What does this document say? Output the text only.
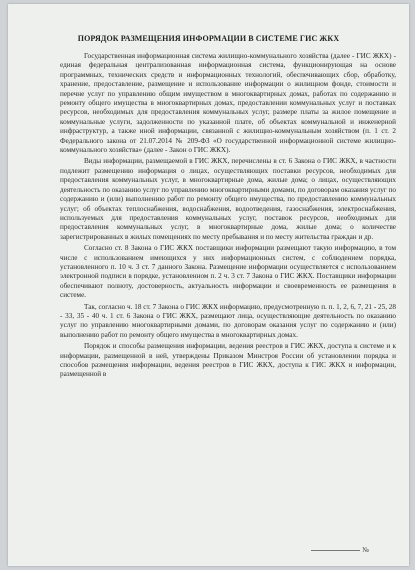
ПОРЯДОК РАЗМЕЩЕНИЯ ИНФОРМАЦИИ В СИСТЕМЕ ГИС ЖКХ

Государственная информационная система жилищно-коммунального хозяйства (далее - ГИС ЖКХ) - единая федеральная централизованная информационная система, функционирующая на основе программных, технических средств и информационных технологий, обеспечивающих сбор, обработку, хранение, предоставление, размещение и использование информации о жилищном фонде, стоимости и перечне услуг по управлению общим имуществом в многоквартирных домах, работах по содержанию и ремонту общего имущества в многоквартирных домах, предоставлении коммунальных услуг и поставках ресурсов, необходимых для предоставления коммунальных услуг, размере платы за жилое помещение и коммунальные услуги, задолженности по указанной плате, об объектах коммунальной и инженерной инфраструктур, а также иной информации, связанной с жилищно-коммунальным хозяйством (п. 1 ст. 2 Федерального закона от 21.07.2014 № 209-ФЗ «О государственной информационной системе жилищно-коммунального хозяйства» (далее - Закон о ГИС ЖКХ).

Виды информации, размещаемой в ГИС ЖКХ, перечислены в ст. 6 Закона о ГИС ЖКХ, в частности подлежит размещению информация о лицах, осуществляющих поставки ресурсов, необходимых для предоставления коммунальных услуг, в многоквартирные дома, жилые дома; о лицах, осуществляющих деятельность по оказанию услуг по управлению многоквартирными домами, по договорам оказания услуг по содержанию и (или) выполнению работ по ремонту общего имущества, по предоставлению коммунальных услуг; об объектах теплоснабжения, водоснабжения, водоотведения, газоснабжения, электроснабжения, используемых для предоставления коммунальных услуг, поставок ресурсов, необходимых для предоставления коммунальных услуг, в многоквартирные дома, жилые дома; о количестве зарегистрированных в жилых помещениях по месту пребывания и по месту жительства граждан и др.

Согласно ст. 8 Закона о ГИС ЖКХ поставщики информации размещают такую информацию, в том числе с использованием имеющихся у них информационных систем, с соблюдением порядка, установленного п. 10 ч. 3 ст. 7 данного Закона. Размещение информации осуществляется с использованием электронной подписи в порядке, установленном п. 2 ч. 3 ст. 7 Закона о ГИС ЖКХ. Поставщики информации обеспечивают полноту, достоверность, актуальность информации и своевременность ее размещения в системе.

Так, согласно ч. 18 ст. 7 Закона о ГИС ЖКХ информацию, предусмотренную п. п. 1, 2, 6, 7, 21 - 25, 28 - 33, 35 - 40 ч. 1 ст. 6 Закона о ГИС ЖКХ, размещают лица, осуществляющие деятельность по оказанию услуг по управлению многоквартирными домами, по договорам оказания услуг по содержанию и (или) выполнению работ по ремонту общего имущества в многоквартирных домах.

Порядок и способы размещения информации, ведения реестров в ГИС ЖКХ, доступа к системе и к информации, размещенной в ней, утверждены Приказом Минстроя России об установлении порядка и способов размещения информации, ведения реестров в ГИС ЖКХ, доступа к ГИС ЖКХ и информации, размещенной в

№
